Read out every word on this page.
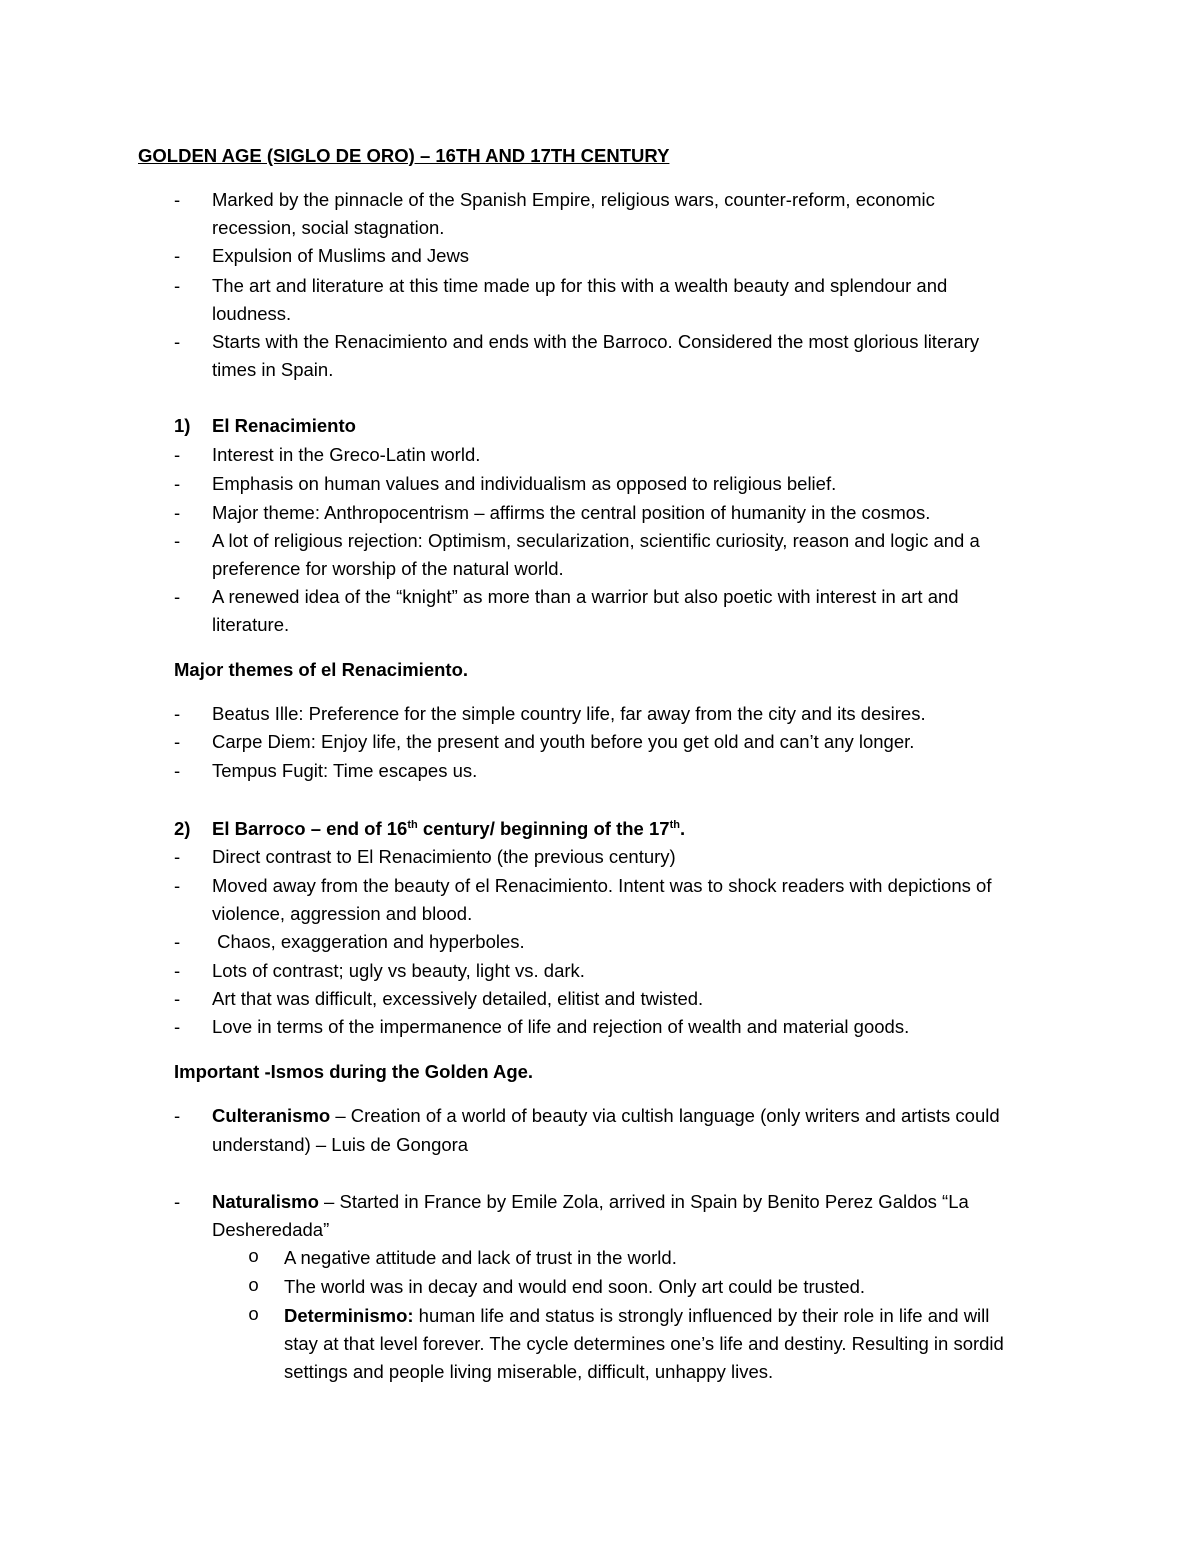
GOLDEN AGE (SIGLO DE ORO) – 16TH AND 17TH CENTURY
- Marked by the pinnacle of the Spanish Empire, religious wars, counter-reform, economic
recession, social stagnation.
- Expulsion of Muslims and Jews
- The art and literature at this time made up for this with a wealth beauty and splendour and
loudness.
- Starts with the Renacimiento and ends with the Barroco. Considered the most glorious literary
times in Spain.
1) El Renacimiento
- Interest in the Greco-Latin world.
- Emphasis on human values and individualism as opposed to religious belief.
- Major theme: Anthropocentrism – affirms the central position of humanity in the cosmos.
- A lot of religious rejection: Optimism, secularization, scientific curiosity, reason and logic and a
preference for worship of the natural world.
- A renewed idea of the “knight” as more than a warrior but also poetic with interest in art and
literature.
Major themes of el Renacimiento.
- Beatus Ille: Preference for the simple country life, far away from the city and its desires.
- Carpe Diem: Enjoy life, the present and youth before you get old and can’t any longer.
- Tempus Fugit: Time escapes us.
2) El Barroco – end of 16th century/ beginning of the 17th.
- Direct contrast to El Renacimiento (the previous century)
- Moved away from the beauty of el Renacimiento. Intent was to shock readers with depictions of
violence, aggression and blood.
- Chaos, exaggeration and hyperboles.
- Lots of contrast; ugly vs beauty, light vs. dark.
- Art that was difficult, excessively detailed, elitist and twisted.
- Love in terms of the impermanence of life and rejection of wealth and material goods.
Important -Ismos during the Golden Age.
- Culteranismo – Creation of a world of beauty via cultish language (only writers and artists could
understand) – Luis de Gongora
- Naturalismo – Started in France by Emile Zola, arrived in Spain by Benito Perez Galdos “La
Desheredada”
o A negative attitude and lack of trust in the world.
o The world was in decay and would end soon. Only art could be trusted.
o Determinismo: human life and status is strongly influenced by their role in life and will
stay at that level forever. The cycle determines one’s life and destiny. Resulting in sordid
settings and people living miserable, difficult, unhappy lives.
